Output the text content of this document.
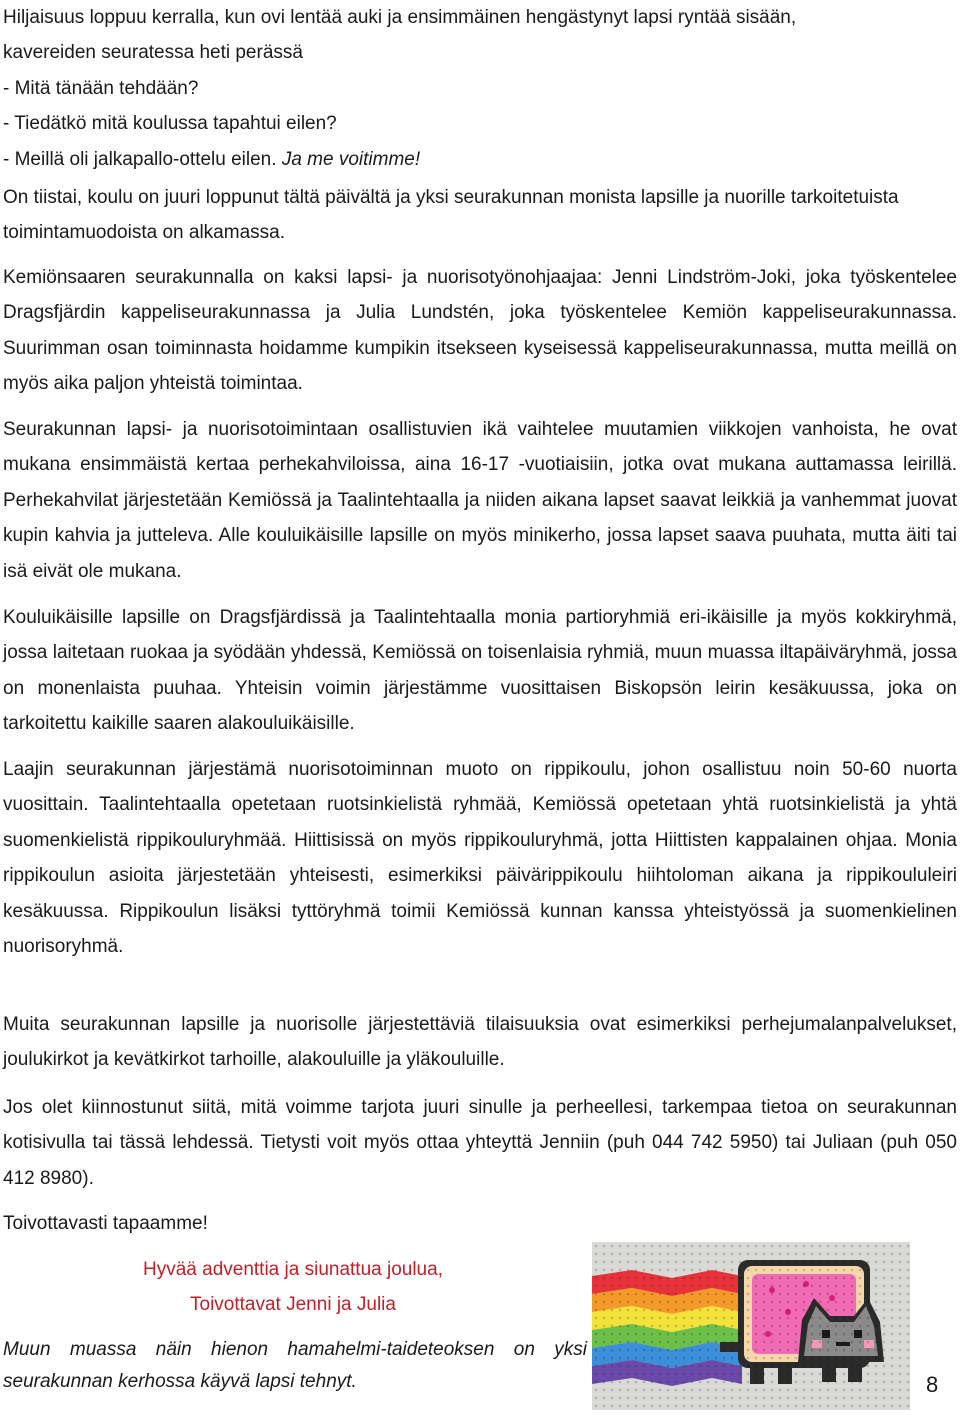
Hiljaisuus loppuu kerralla, kun ovi lentää auki ja ensimmäinen hengästynyt lapsi ryntää sisään,
kavereiden seuratessa heti perässä
- Mitä tänään tehdään?
- Tiedätkö mitä koulussa tapahtui eilen?
- Meillä oli jalkapallo-ottelu eilen. Ja me voitimme!

On tiistai, koulu on juuri loppunut tältä päivältä ja yksi seurakunnan monista lapsille ja nuorille tarkoitetuista toimintamuodoista on alkamassa.

Kemiönsaaren seurakunnalla on kaksi lapsi- ja nuorisotyönohjaajaa: Jenni Lindström-Joki, joka työskentelee Dragsfjärdin kappeliseurakunnassa ja Julia Lundstén, joka työskentelee Kemiön kappeliseurakunnassa. Suurimman osan toiminnasta hoidamme kumpikin itsekseen kyseisessä kappeliseurakunnassa, mutta meillä on myös aika paljon yhteistä toimintaa.

Seurakunnan lapsi- ja nuorisotoimintaan osallistuvien ikä vaihtelee muutamien viikkojen vanhoista, he ovat mukana ensimmäistä kertaa perhekahviloissa, aina 16-17 -vuotiaisiin, jotka ovat mukana auttamassa leirillä. Perhekahvilat järjestetään Kemiössä ja Taalintehtaalla ja niiden aikana lapset saavat leikkiä ja vanhemmat juovat kupin kahvia ja jutteleva. Alle kouluikäisille lapsille on myös minikerho, jossa lapset saava puuhata, mutta äiti tai isä eivät ole mukana.

Kouluikäisille lapsille on Dragsfjärdissä ja Taalintehtaalla monia partioryhmiä eri-ikäisille ja myös kokkiryhmä, jossa laitetaan ruokaa ja syödään yhdessä, Kemiössä on toisenlaisia ryhmiä, muun muassa iltapäiväryhmä, jossa on monenlaista puuhaa. Yhteisin voimin järjestämme vuosittaisen Biskopsön leirin kesäkuussa, joka on tarkoitettu kaikille saaren alakouluikäisille.

Laajin seurakunnan järjestämä nuorisotoiminnan muoto on rippikoulu, johon osallistuu noin 50-60 nuorta vuosittain. Taalintehtaalla opetetaan ruotsinkielistä ryhmää, Kemiössä opetetaan yhtä ruotsinkielistä ja yhtä suomenkielistä rippikouluryhmää. Hiittisissä on myös rippikouluryhmä, jotta Hiittisten kappalainen ohjaa. Monia rippikoulun asioita järjestetään yhteisesti, esimerkiksi päivärippikoulu hiihtoloman aikana ja rippikoululeiri kesäkuussa. Rippikoulun lisäksi tyttöryhmä toimii Kemiössä kunnan kanssa yhteistyössä ja suomenkielinen nuorisoryhmä.

Muita seurakunnan lapsille ja nuorisolle järjestettäviä tilaisuuksia ovat esimerkiksi perhejumalanpalvelukset, joulukirkot ja kevätkirkot tarhoille, alakouluille ja yläkouluille.

Jos olet kiinnostunut siitä, mitä voimme tarjota juuri sinulle ja perheellesi, tarkempaa tietoa on seurakunnan kotisivulla tai tässä lehdessä. Tietysti voit myös ottaa yhteyttä Jenniin (puh 044 742 5950) tai Juliaan (puh 050 412 8980).

Toivottavasti tapaamme!

Hyvää adventtia ja siunattua joulua,
Toivottavat Jenni ja Julia
Muun muassa näin hienon hamahelmi-taideteoksen on yksi seurakunnan kerhossa käyvä lapsi tehnyt.	8
